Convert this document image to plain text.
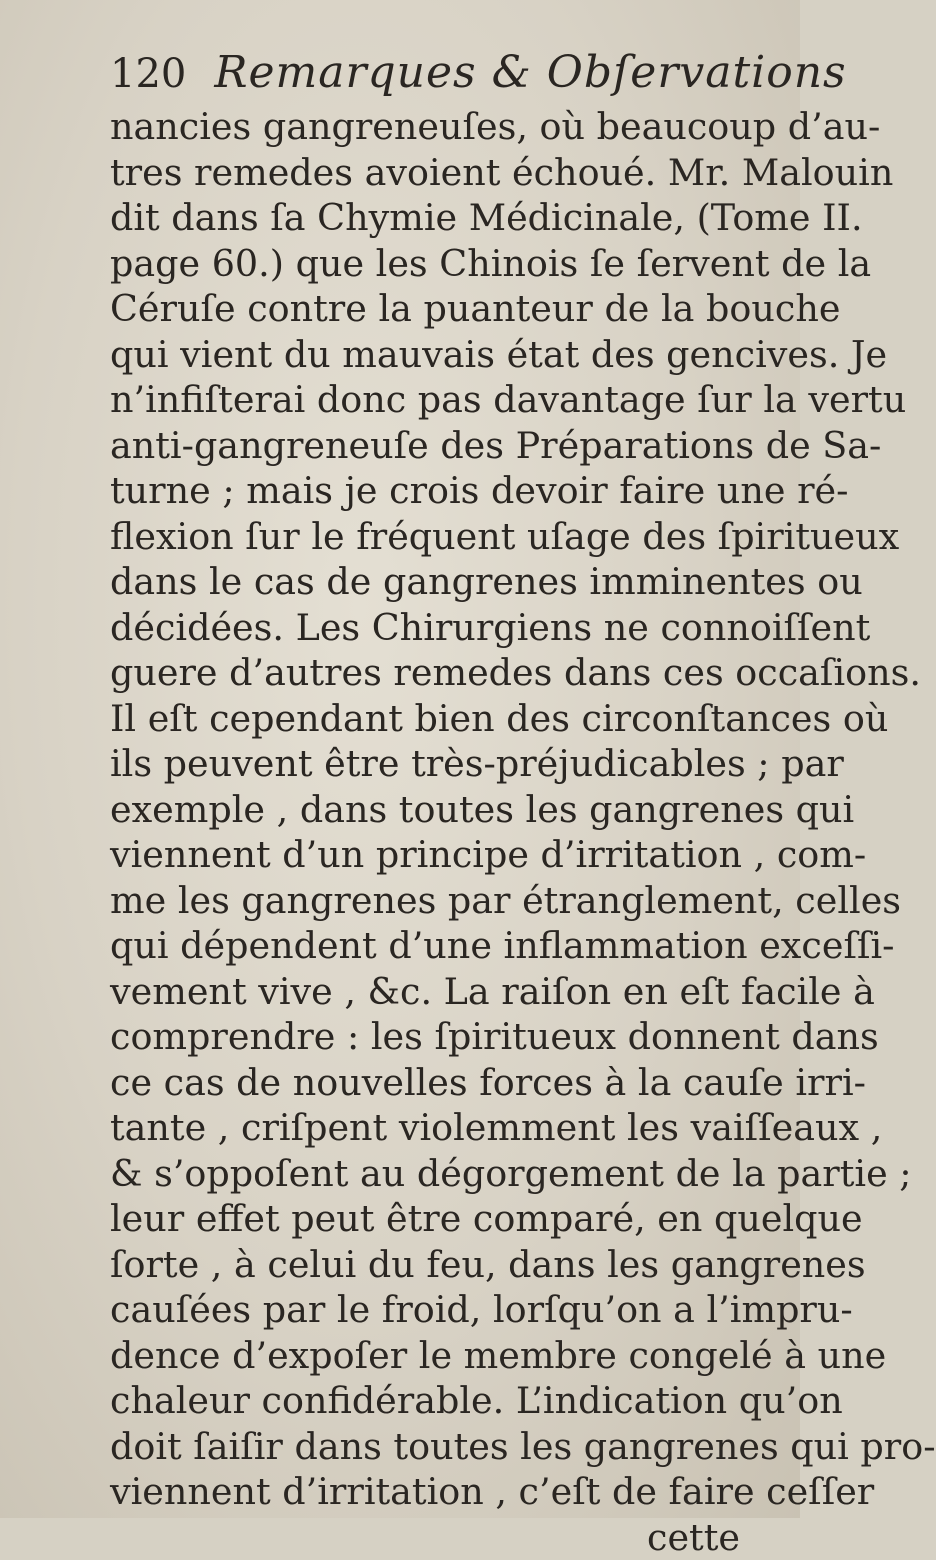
120 Remarques & Obſervations
nancies gangreneuſes, où beaucoup d’au-
tres remedes avoient échoué. Mr. Malouin
dit dans ſa Chymie Médicinale, (Tome II.
page 60.) que les Chinois ſe ſervent de la
Céruſe contre la puanteur de la bouche
qui vient du mauvais état des gencives. Je
n’infiſterai donc pas davantage ſur la vertu
anti-gangreneuſe des Préparations de Sa-
turne ; mais je crois devoir faire une ré-
flexion ſur le fréquent uſage des ſpiritueux
dans le cas de gangrenes imminentes ou
décidées. Les Chirurgiens ne connoiſſent
guere d’autres remedes dans ces occaſions.
Il eſt cependant bien des circonſtances où
ils peuvent être très-préjudicables ; par
exemple , dans toutes les gangrenes qui
viennent d’un principe d’irritation , com-
me les gangrenes par étranglement, celles
qui dépendent d’une inflammation exceſſi-
vement vive , &c. La raiſon en eſt facile à
comprendre : les ſpiritueux donnent dans
ce cas de nouvelles forces à la cauſe irri-
tante , criſpent violemment les vaiſſeaux ,
& s’oppoſent au dégorgement de la partie ;
leur effet peut être comparé, en quelque
ſorte , à celui du feu, dans les gangrenes
cauſées par le froid, lorſqu’on a l’impru-
dence d’expoſer le membre congelé à une
chaleur confidérable. L’indication qu’on
doit ſaiſir dans toutes les gangrenes qui pro-
viennent d’irritation , c’eſt de faire ceſſer
cette
